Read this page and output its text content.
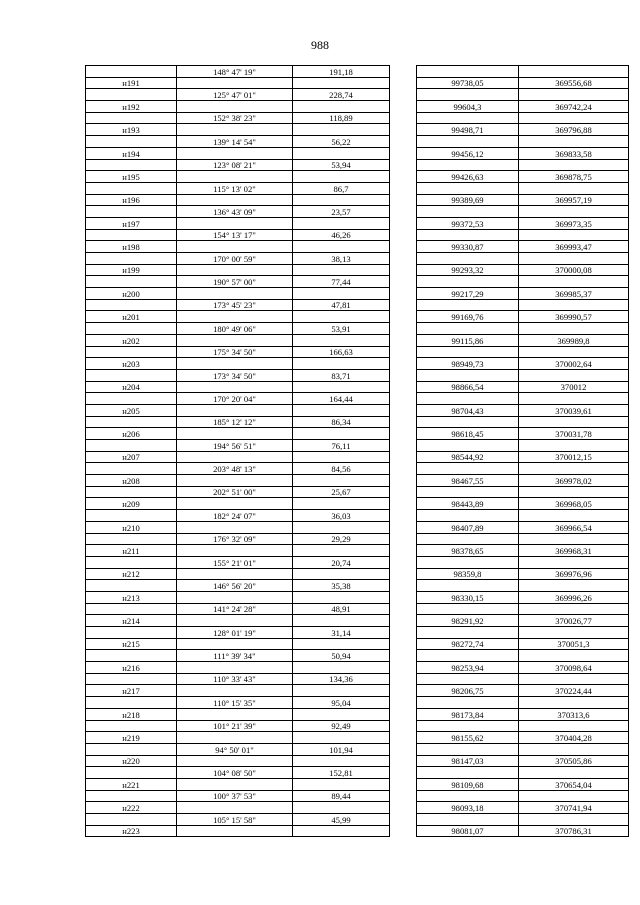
988
	148° 47' 19"	191,18			
н191				99738,05	369556,68
	125° 47' 01"	228,74			
н192				99604,3	369742,24
	152° 38' 23"	118,89			
н193				99498,71	369796,88
	139° 14' 54"	56,22			
н194				99456,12	369833,58
	123° 08' 21"	53,94			
н195				99426,63	369878,75
	115° 13' 02"	86,7			
н196				99389,69	369957,19
	136° 43' 09"	23,57			
н197				99372,53	369973,35
	154° 13' 17"	46,26			
н198				99330,87	369993,47
	170° 00' 59"	38,13			
н199				99293,32	370000,08
	190° 57' 00"	77,44			
н200				99217,29	369985,37
	173° 45' 23"	47,81			
н201				99169,76	369990,57
	180° 49' 06"	53,91			
н202				99115,86	369989,8
	175° 34' 50"	166,63			
н203				98949,73	370002,64
	173° 34' 50"	83,71			
н204				98866,54	370012
	170° 20' 04"	164,44			
н205				98704,43	370039,61
	185° 12' 12"	86,34			
н206				98618,45	370031,78
	194° 56' 51"	76,11			
н207				98544,92	370012,15
	203° 48' 13"	84,56			
н208				98467,55	369978,02
	202° 51' 00"	25,67			
н209				98443,89	369968,05
	182° 24' 07"	36,03			
н210				98407,89	369966,54
	176° 32' 09"	29,29			
н211				98378,65	369968,31
	155° 21' 01"	20,74			
н212				98359,8	369976,96
	146° 56' 20"	35,38			
н213				98330,15	369996,26
	141° 24' 28"	48,91			
н214				98291,92	370026,77
	128° 01' 19"	31,14			
н215				98272,74	370051,3
	111° 39' 34"	50,94			
н216				98253,94	370098,64
	110° 33' 43"	134,36			
н217				98206,75	370224,44
	110° 15' 35"	95,04			
н218				98173,84	370313,6
	101° 21' 39"	92,49			
н219				98155,62	370404,28
	94° 50' 01"	101,94			
н220				98147,03	370505,86
	104° 08' 50"	152,81			
н221				98109,68	370654,04
	100° 37' 53"	89,44			
н222				98093,18	370741,94
	105° 15' 58"	45,99			
н223				98081,07	370786,31
